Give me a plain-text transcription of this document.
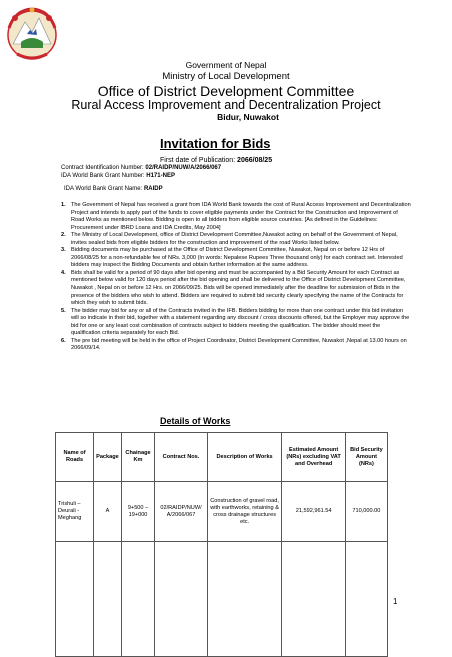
Government of Nepal
Ministry of Local Development
Office of District Development Committee
Rural Access Improvement and Decentralization Project
Bidur, Nuwakot
Invitation for Bids
First date of Publication: 2066/08/25
Contract Identification Number: 02/RAIDP/NUW/A/2066/067
IDA World Bank Grant Number: H171-NEP
IDA World Bank Grant Name: RAIDP
1. The Government of Nepal has received a grant from IDA World Bank towards the cost of Rural Access Improvement and Decentralization Project and intends to apply part of the funds to cover eligible payments under the Contract for the Construction and Improvement of Road Works as mentioned below. Bidding is open to all bidders from eligible source countries. [As defined in the Guidelines: Procurement under IBRD Loans and IDA Credits, May 2004]
2. The Ministry of Local Development, office of District Development Committee,Nuwakot acting on behalf of the Government of Nepal, invites sealed bids from eligible bidders for the construction and improvement of the road Works listed below.
3. Bidding documents may be purchased at the Office of District Development Committee, Nuwakot, Nepal on or before 12 Hrs of 2066/08/25 for a non-refundable fee of NRs. 3,000 (In words: Nepalese Rupees Three thousand only) for each contract set. Interested bidders may inspect the Bidding Documents and obtain further information at the same address.
4. Bids shall be valid for a period of 90 days after bid opening and must be accompanied by a Bid Security Amount for each Contract as mentioned below valid for 120 days period after the bid opening and shall be delivered to the Office of District Development Committee, Nuwakot , Nepal on or before 12 Hrs. on 2066/09/25. Bids will be opened immediately after the deadline for submission of Bids in the presence of the bidders who wish to attend. Bidders are required to submit bid security clearly specifying the name of the Contracts for which they wish to submit bids.
5. The bidder may bid for any or all of the Contracts invited in the IFB. Bidders bidding for more than one contract under this bid invitation will so indicate in their bid, together with a statement regarding any discount / cross discounts offered, but the Employer may approve the bid for one or any least cost combination of contracts subject to bidders meeting the qualification. The bidder should meet the qualification criteria separately for each Bid.
6. The pre bid meeting will be held in the office of Project Coordinator, District Development Committee, Nuwakot ,Nepal at 13.00 hours on 2066/09/14.
Details of Works
Name of Roads	Package	Chainage Km	Contract Nos.	Description of Works	Estimated Amount (NRs) excluding VAT and Overhead	Bid Security Amount (NRs)
Trishuli – Deurali - Meghang	A	9+500 – 19+000	02/RAIDP/NUW/ A/2066/067	Construction of gravel road, with earthworks, retaining & cross drainage structures etc.	21,592,961.54	710,000.00

1
